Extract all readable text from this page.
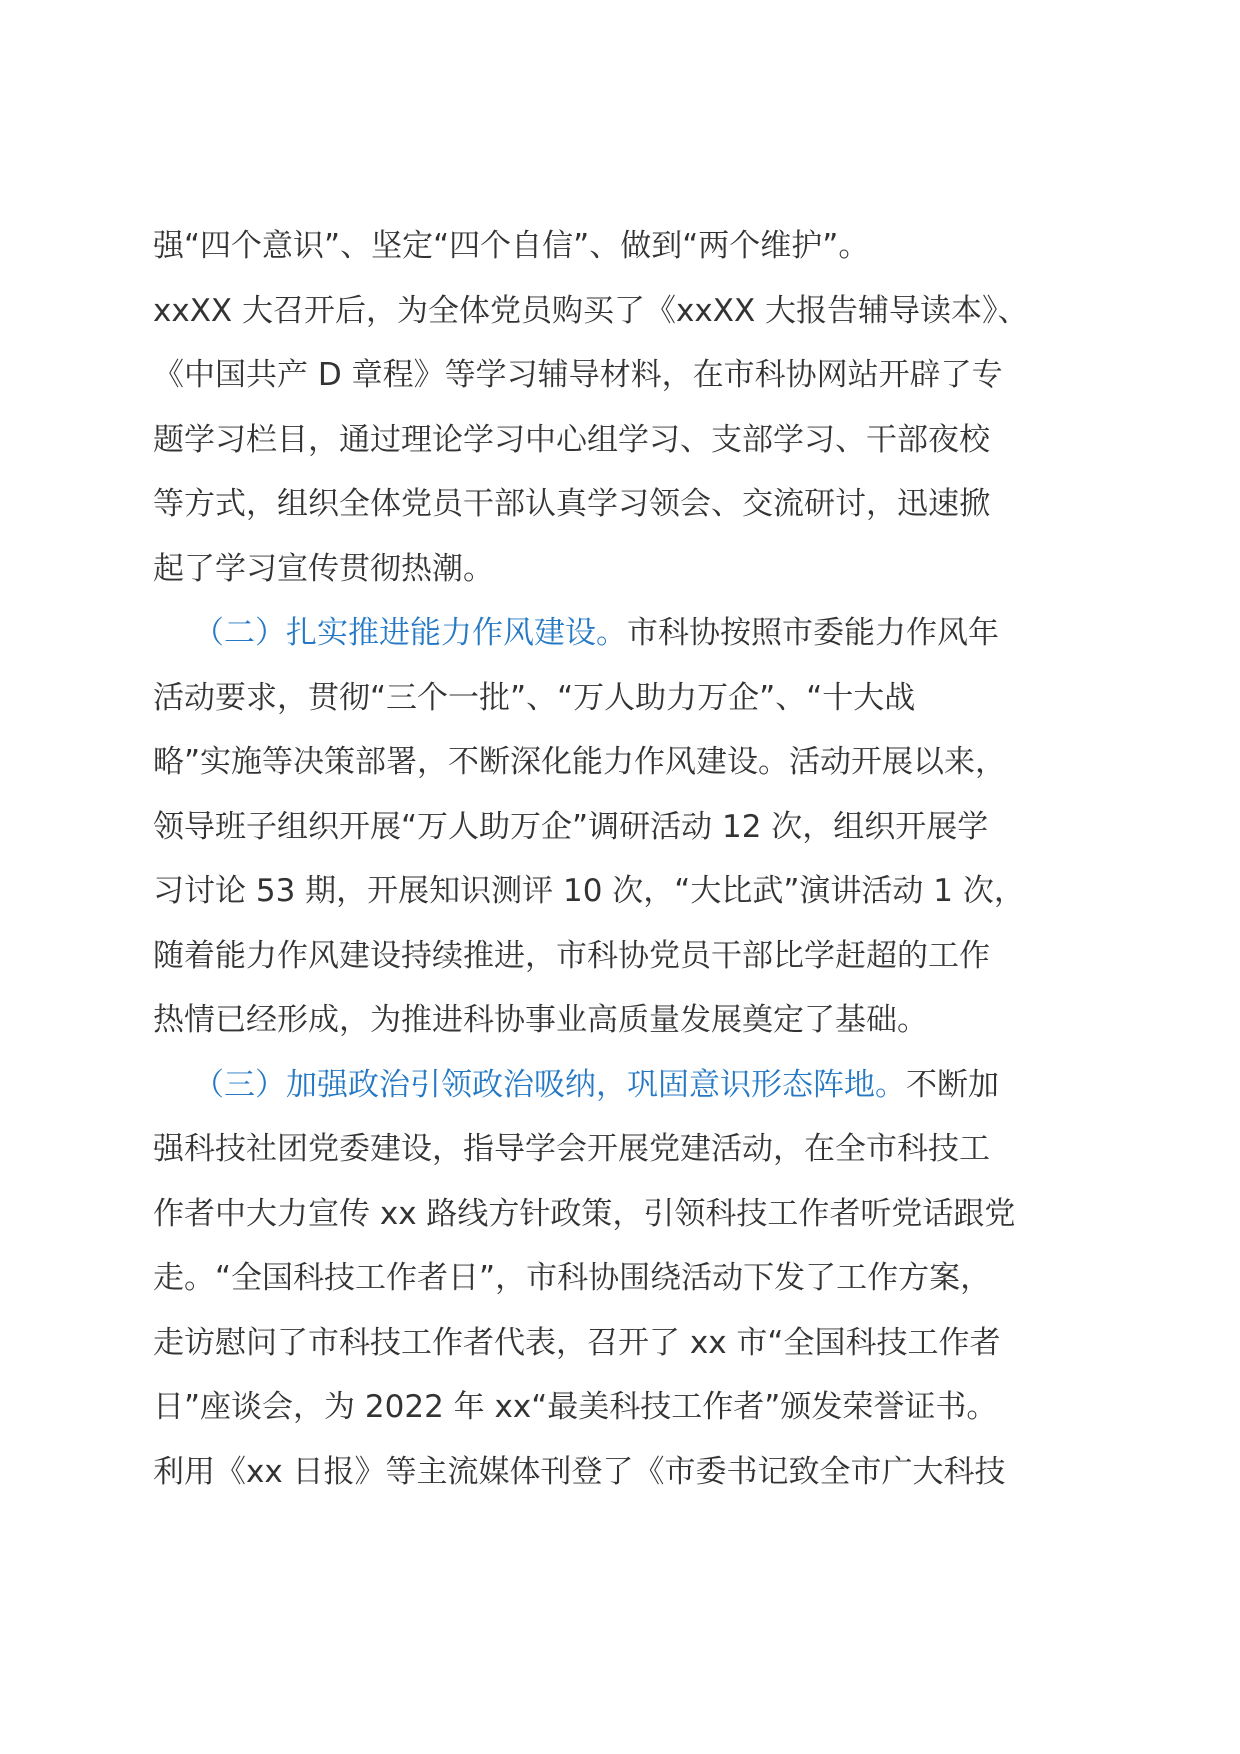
强“四个意识”、坚定“四个自信”、做到“两个维护”。
xxXX 大召开后，为全体党员购买了《xxXX 大报告辅导读本》、
《中国共产 D 章程》等学习辅导材料，在市科协网站开辟了专
题学习栏目，通过理论学习中心组学习、支部学习、干部夜校
等方式，组织全体党员干部认真学习领会、交流研讨，迅速掀
起了学习宣传贯彻热潮。
（二）扎实推进能力作风建设。市科协按照市委能力作风年
活动要求，贯彻“三个一批”、“万人助力万企”、“十大战
略”实施等决策部署，不断深化能力作风建设。活动开展以来，
领导班子组织开展“万人助万企”调研活动 12 次，组织开展学
习讨论 53 期，开展知识测评 10 次，“大比武”演讲活动 1 次，
随着能力作风建设持续推进，市科协党员干部比学赶超的工作
热情已经形成，为推进科协事业高质量发展奠定了基础。
（三）加强政治引领政治吸纳，巩固意识形态阵地。不断加
强科技社团党委建设，指导学会开展党建活动，在全市科技工
作者中大力宣传 xx 路线方针政策，引领科技工作者听党话跟党
走。“全国科技工作者日”，市科协围绕活动下发了工作方案，
走访慰问了市科技工作者代表，召开了 xx 市“全国科技工作者
日”座谈会，为 2022 年 xx“最美科技工作者”颁发荣誉证书。
利用《xx 日报》等主流媒体刊登了《市委书记致全市广大科技
